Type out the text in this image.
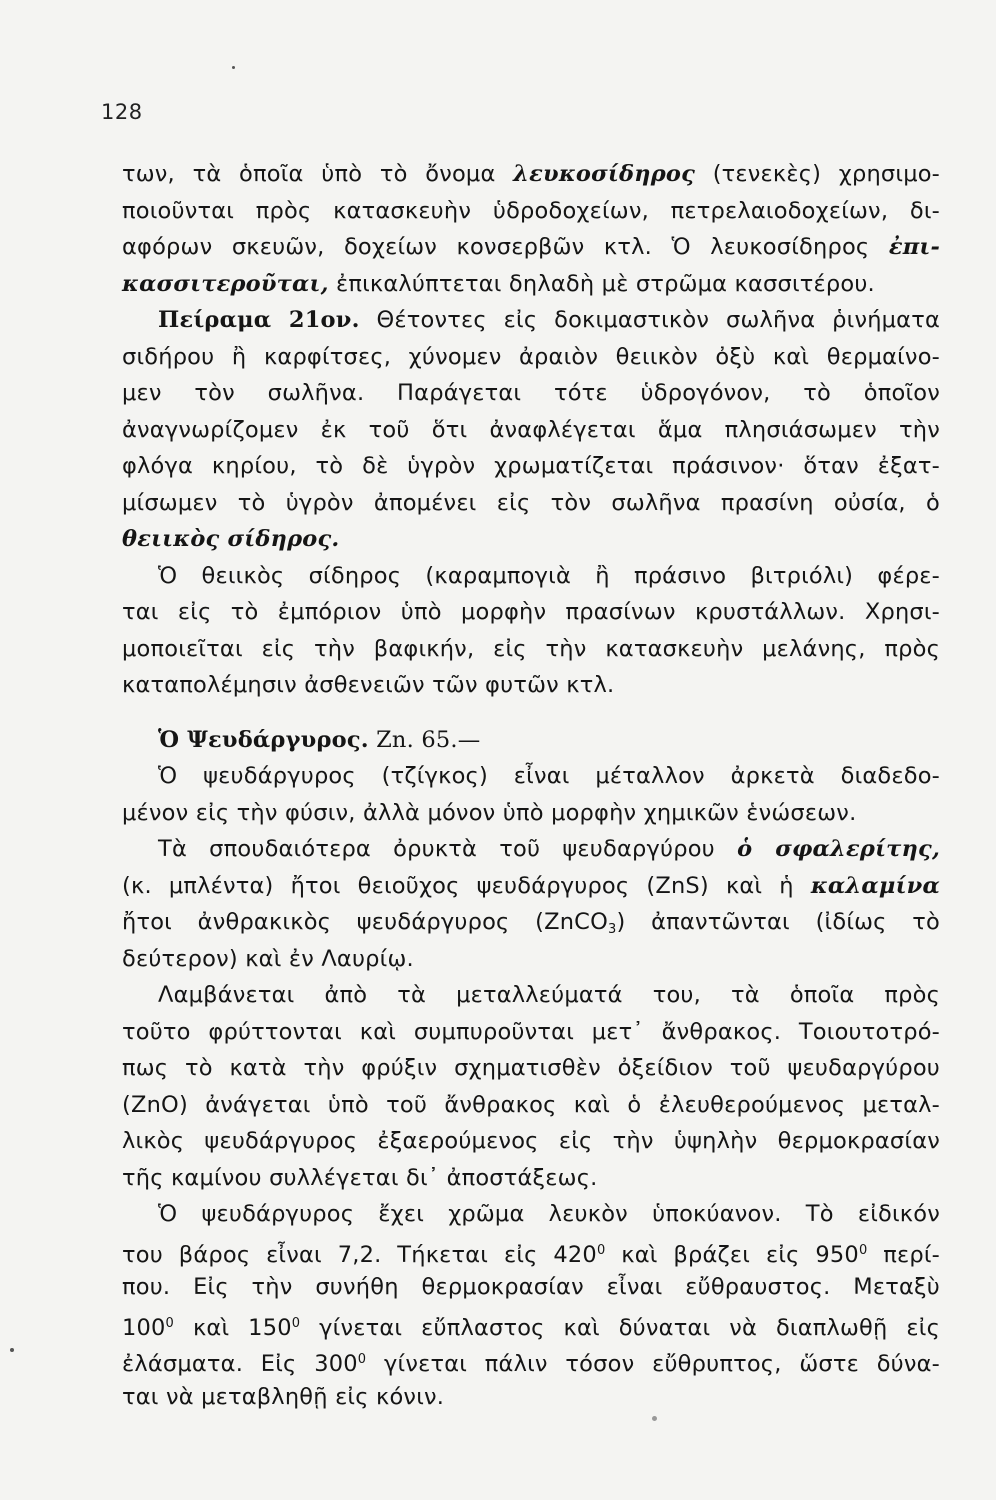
128
των, τὰ ὁποῖα ὑπὸ τὸ ὄνομα λευκοσίδηρος (τενεκὲς) χρησιμο-
ποιοῦνται πρὸς κατασκευὴν ὑδροδοχείων, πετρελαιοδοχείων, δι-
αφόρων σκευῶν, δοχείων κονσερβῶν κτλ. Ὁ λευκοσίδηρος ἐπι-
κασσιτεροῦται, ἐπικαλύπτεται δηλαδὴ μὲ στρῶμα κασσιτέρου.
Πείραμα 21ον. Θέτοντες εἰς δοκιμαστικὸν σωλῆνα ῥινήματα
σιδήρου ἢ καρφίτσες, χύνομεν ἀραιὸν θειικὸν ὀξὺ καὶ θερμαίνο-
μεν τὸν σωλῆνα. Παράγεται τότε ὑδρογόνον, τὸ ὁποῖον
ἀναγνωρίζομεν ἐκ τοῦ ὅτι ἀναφλέγεται ἅμα πλησιάσωμεν τὴν
φλόγα κηρίου, τὸ δὲ ὑγρὸν χρωματίζεται πράσινον· ὅταν ἐξατ-
μίσωμεν τὸ ὑγρὸν ἀπομένει εἰς τὸν σωλῆνα πρασίνη οὐσία, ὁ
θειικὸς σίδηρος.
Ὁ θειικὸς σίδηρος (καραμπογιὰ ἢ πράσινο βιτριόλι) φέρε-
ται εἰς τὸ ἐμπόριον ὑπὸ μορφὴν πρασίνων κρυστάλλων. Χρησι-
μοποιεῖται εἰς τὴν βαφικήν, εἰς τὴν κατασκευὴν μελάνης, πρὸς
καταπολέμησιν ἀσθενειῶν τῶν φυτῶν κτλ.
Ὁ Ψευδάργυρος. Zn. 65.—
Ὁ ψευδάργυρος (τζίγκος) εἶναι μέταλλον ἀρκετὰ διαδεδο-
μένον εἰς τὴν φύσιν, ἀλλὰ μόνον ὑπὸ μορφὴν χημικῶν ἑνώσεων.
Τὰ σπουδαιότερα ὀρυκτὰ τοῦ ψευδαργύρου ὁ σφαλερίτης,
(κ. μπλέντα) ἤτοι θειοῦχος ψευδάργυρος (ZnS) καὶ ἡ καλαμίνα
ἤτοι ἀνθρακικὸς ψευδάργυρος (ZnCO$_3$) ἀπαντῶνται (ἰδίως τὸ
δεύτερον) καὶ ἐν Λαυρίῳ.
Λαμβάνεται ἀπὸ τὰ μεταλλεύματά του, τὰ ὁποῖα πρὸς
τοῦτο φρύττονται καὶ συμπυροῦνται μετ᾽ ἄνθρακος. Τοιουτοτρό-
πως τὸ κατὰ τὴν φρύξιν σχηματισθὲν ὀξείδιον τοῦ ψευδαργύρου
(ZnO) ἀνάγεται ὑπὸ τοῦ ἄνθρακος καὶ ὁ ἐλευθερούμενος μεταλ-
λικὸς ψευδάργυρος ἐξαερούμενος εἰς τὴν ὑψηλὴν θερμοκρασίαν
τῆς καμίνου συλλέγεται δι᾽ ἀποστάξεως.
Ὁ ψευδάργυρος ἔχει χρῶμα λευκὸν ὑποκύανον. Τὸ εἰδικόν
του βάρος εἶναι 7,2. Τήκεται εἰς $420^0$ καὶ βράζει εἰς $950^0$ περί-
που. Εἰς τὴν συνήθη θερμοκρασίαν εἶναι εὔθραυστος. Μεταξὺ
$100^0$ καὶ $150^0$ γίνεται εὔπλαστος καὶ δύναται νὰ διαπλωθῇ εἰς
ἐλάσματα. Εἰς $300^0$ γίνεται πάλιν τόσον εὔθρυπτος, ὥστε δύνα-
ται νὰ μεταβληθῇ εἰς κόνιν.
